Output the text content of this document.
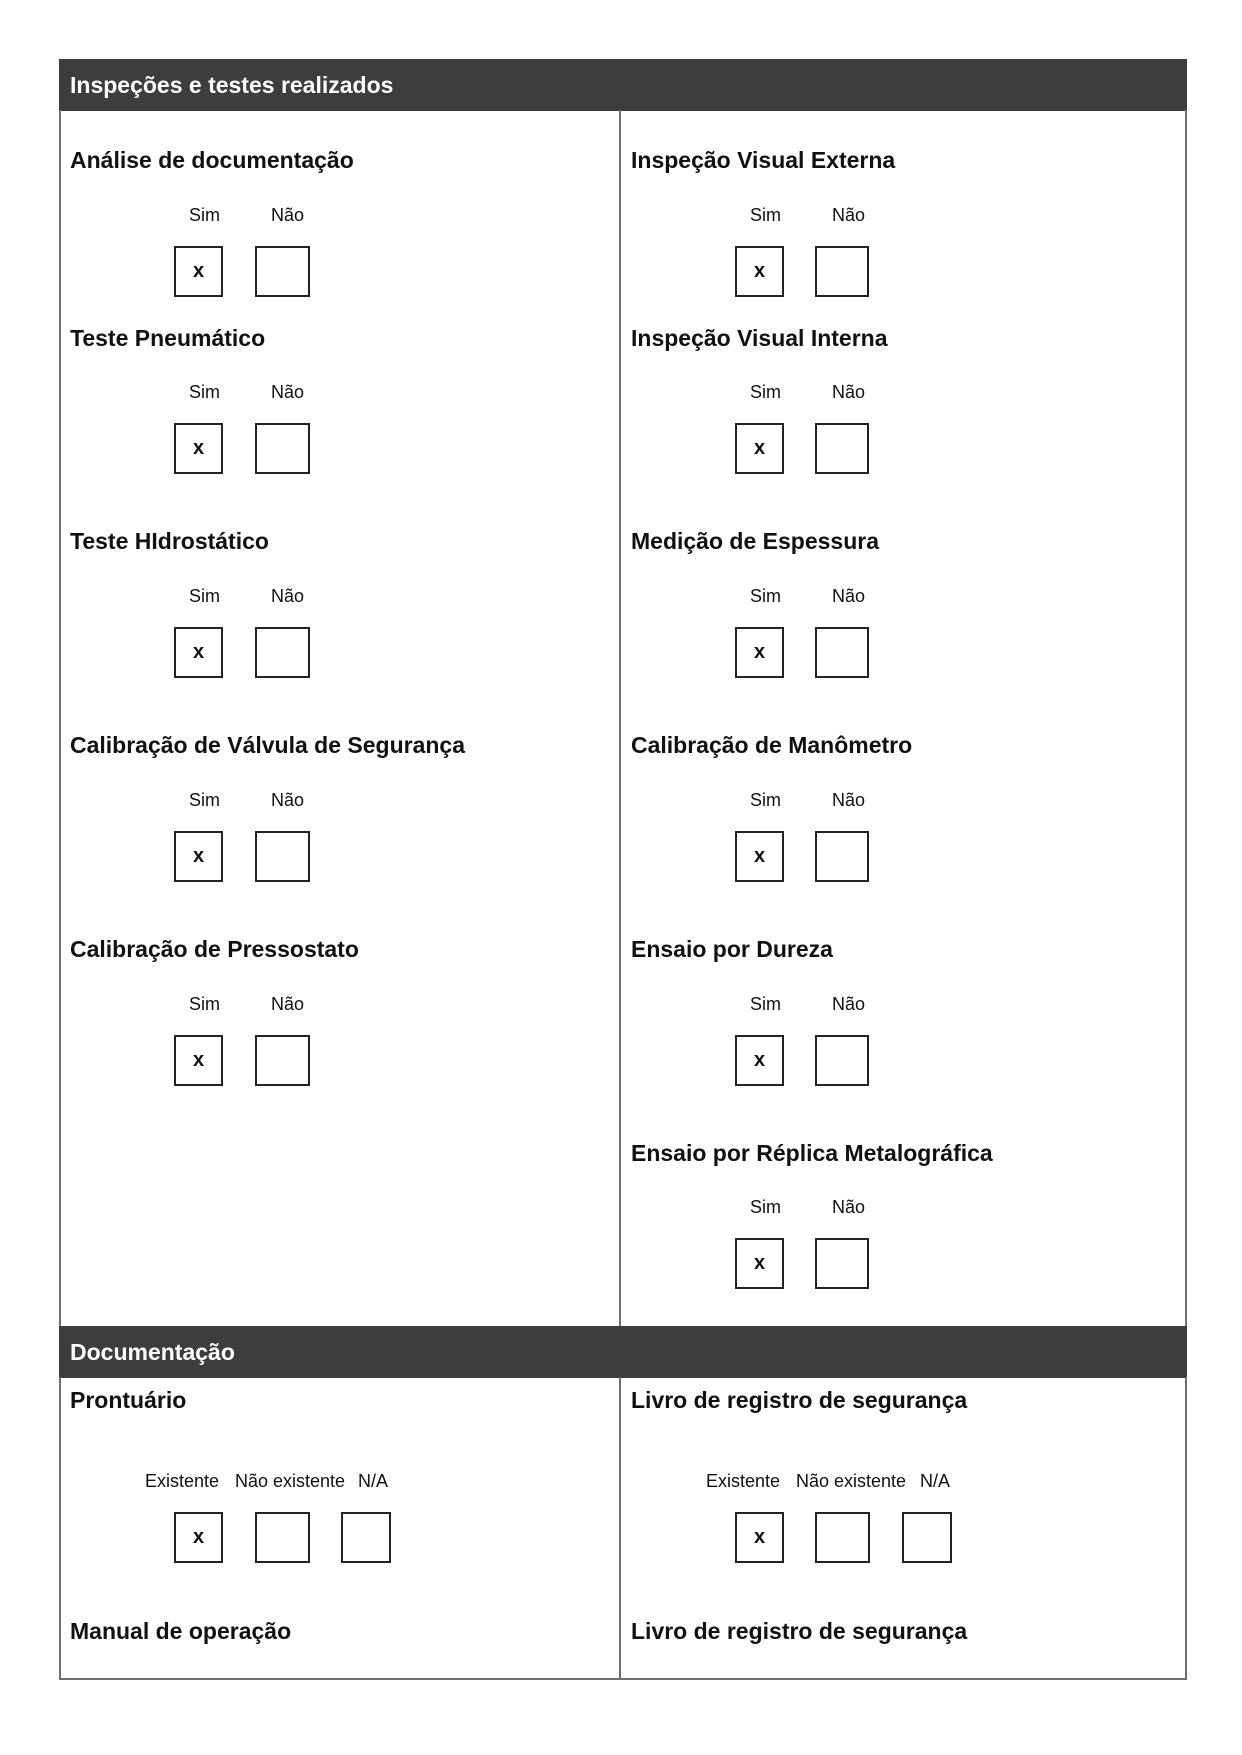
Inspeções e testes realizados
Análise de documentação
Sim	Não
x
Teste Pneumático
Sim	Não
x
Teste HIdrostático
Sim	Não
x
Calibração de Válvula de Segurança
Sim	Não
x
Calibração de Pressostato
Sim	Não
x
Inspeção Visual Externa
Sim	Não
x
Inspeção Visual Interna
Sim	Não
x
Medição de Espessura
Sim	Não
x
Calibração de Manômetro
Sim	Não
x
Ensaio por Dureza
Sim	Não
x
Ensaio por Réplica Metalográfica
Sim	Não
x
Documentação
Prontuário
Existente Não existente N/A
x
Livro de registro de segurança
Existente Não existente N/A
x
Manual de operação	Livro de registro de segurança
